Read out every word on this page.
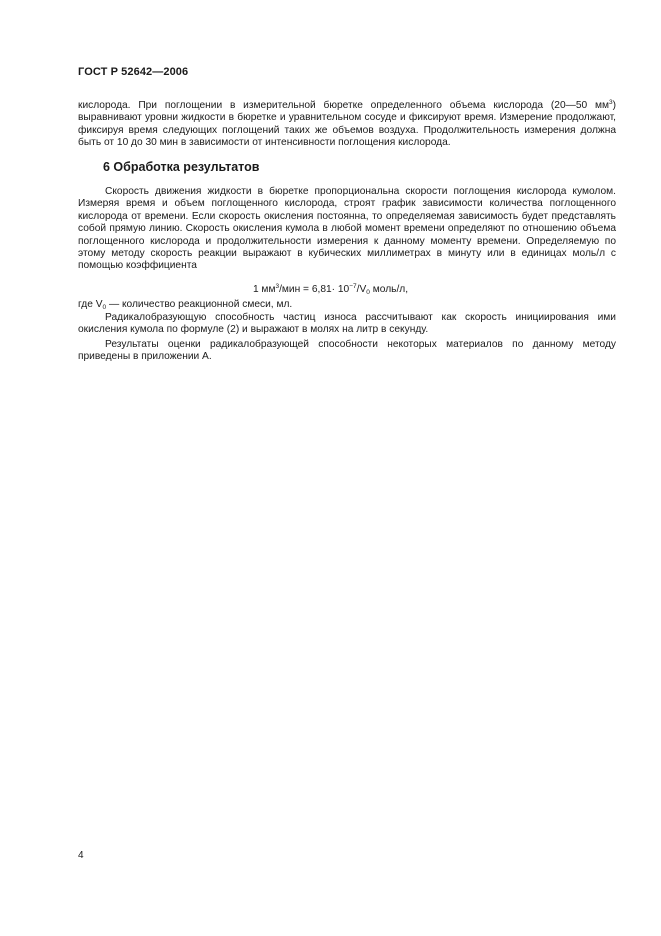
ГОСТ Р 52642—2006

кислорода. При поглощении в измерительной бюретке определенного объема кислорода (20—50 $мм^3$) выравнивают уровни жидкости в бюретке и уравнительном сосуде и фиксируют время. Измерение продолжают, фиксируя время следующих поглощений таких же объемов воздуха. Продолжительность измерения должна быть от 10 до 30 мин в зависимости от интенсивности поглощения кислорода.

6 Обработка результатов

Скорость движения жидкости в бюретке пропорциональна скорости поглощения кислорода кумолом. Измеряя время и объем поглощенного кислорода, строят график зависимости количества поглощенного кислорода от времени. Если скорость окисления постоянна, то определяемая зависимость будет представлять собой прямую линию. Скорость окисления кумола в любой момент времени определяют по отношению объема поглощенного кислорода и продолжительности измерения к данному моменту времени. Определяемую по этому методу скорость реакции выражают в кубических миллиметрах в минуту или в единицах моль/л с помощью коэффициента

1 $мм^3$/мин = $6,81\cdot 10^{-7}/V_0$ моль/л,

где $V_0$ — количество реакционной смеси, мл.

Радикалобразующую способность частиц износа рассчитывают как скорость инициирования ими окисления кумола по формуле (2) и выражают в молях на литр в секунду.

Результаты оценки радикалобразующей способности некоторых материалов по данному методу приведены в приложении А.

4
